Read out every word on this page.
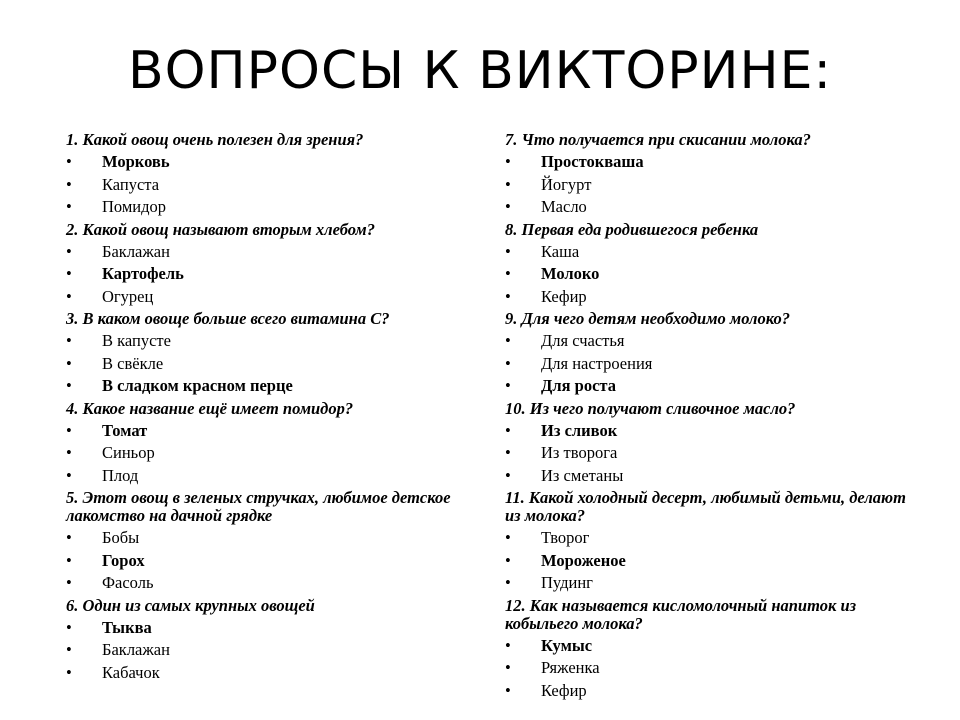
ВОПРОСЫ К ВИКТОРИНЕ:
1. Какой овощ очень полезен для зрения?
• Морковь
• Капуста
• Помидор
2. Какой овощ называют вторым хлебом?
• Баклажан
• Картофель
• Огурец
3. В каком овоще больше всего витамина С?
• В капусте
• В свёкле
• В сладком красном перце
4. Какое название ещё имеет помидор?
• Томат
• Синьор
• Плод
5. Этот овощ в зеленых стручках, любимое детское лакомство на дачной грядке
• Бобы
• Горох
• Фасоль
6. Один из самых крупных овощей
• Тыква
• Баклажан
• Кабачок
7. Что получается при скисании молока?
• Простокваша
• Йогурт
• Масло
8. Первая еда родившегося ребенка
• Каша
• Молоко
• Кефир
9. Для чего детям необходимо молоко?
• Для счастья
• Для настроения
• Для роста
10. Из чего получают сливочное масло?
• Из сливок
• Из творога
• Из сметаны
11. Какой холодный десерт, любимый детьми, делают из молока?
• Творог
• Мороженое
• Пудинг
12. Как называется кисломолочный напиток из кобыльего молока?
• Кумыс
• Ряженка
• Кефир
